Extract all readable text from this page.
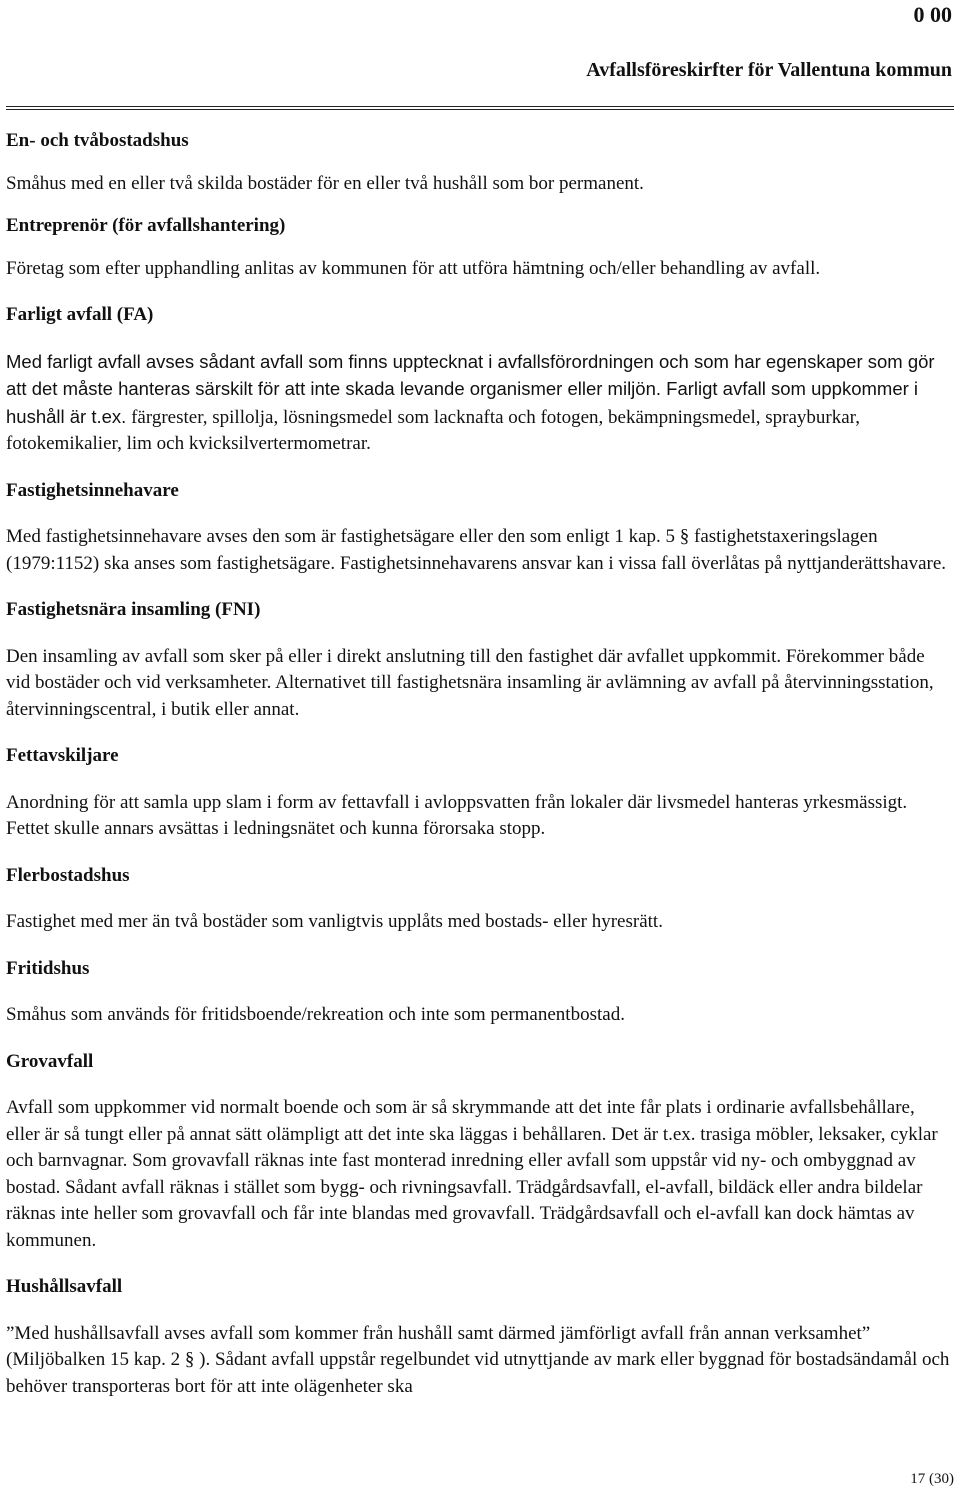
0 00
Avfallsföreskirfter för Vallentuna kommun

En- och tvåbostadshus

Småhus med en eller två skilda bostäder för en eller två hushåll som bor permanent.

Entreprenör (för avfallshantering)

Företag som efter upphandling anlitas av kommunen för att utföra hämtning och/eller behandling av avfall.

Farligt avfall (FA)

Med farligt avfall avses sådant avfall som finns upptecknat i avfallsförordningen och som har egenskaper som gör att det måste hanteras särskilt för att inte skada levande organismer eller miljön. Farligt avfall som uppkommer i hushåll är t.ex. färgrester, spillolja, lösningsmedel som lacknafta och fotogen, bekämpningsmedel, sprayburkar, fotokemikalier, lim och kvicksilvertermometrar.

Fastighetsinnehavare

Med fastighetsinnehavare avses den som är fastighetsägare eller den som enligt 1 kap. 5 § fastighetstaxeringslagen (1979:1152) ska anses som fastighetsägare. Fastighetsinnehavarens ansvar kan i vissa fall överlåtas på nyttjanderättshavare.

Fastighetsnära insamling (FNI)

Den insamling av avfall som sker på eller i direkt anslutning till den fastighet där avfallet uppkommit. Förekommer både vid bostäder och vid verksamheter. Alternativet till fastighetsnära insamling är avlämning av avfall på återvinningsstation, återvinningscentral, i butik eller annat.

Fettavskiljare

Anordning för att samla upp slam i form av fettavfall i avloppsvatten från lokaler där livsmedel hanteras yrkesmässigt. Fettet skulle annars avsättas i ledningsnätet och kunna förorsaka stopp.

Flerbostadshus

Fastighet med mer än två bostäder som vanligtvis upplåts med bostads- eller hyresrätt.

Fritidshus

Småhus som används för fritidsboende/rekreation och inte som permanentbostad.

Grovavfall

Avfall som uppkommer vid normalt boende och som är så skrymmande att det inte får plats i ordinarie avfallsbehållare, eller är så tungt eller på annat sätt olämpligt att det inte ska läggas i behållaren. Det är t.ex. trasiga möbler, leksaker, cyklar och barnvagnar. Som grovavfall räknas inte fast monterad inredning eller avfall som uppstår vid ny- och ombyggnad av bostad. Sådant avfall räknas i stället som bygg- och rivningsavfall. Trädgårdsavfall, el-avfall, bildäck eller andra bildelar räknas inte heller som grovavfall och får inte blandas med grovavfall. Trädgårdsavfall och el-avfall kan dock hämtas av kommunen.

Hushållsavfall

”Med hushållsavfall avses avfall som kommer från hushåll samt därmed jämförligt avfall från annan verksamhet” (Miljöbalken 15 kap. 2 § ). Sådant avfall uppstår regelbundet vid utnyttjande av mark eller byggnad för bostadsändamål och behöver transporteras bort för att inte olägenheter ska

17 (30)
